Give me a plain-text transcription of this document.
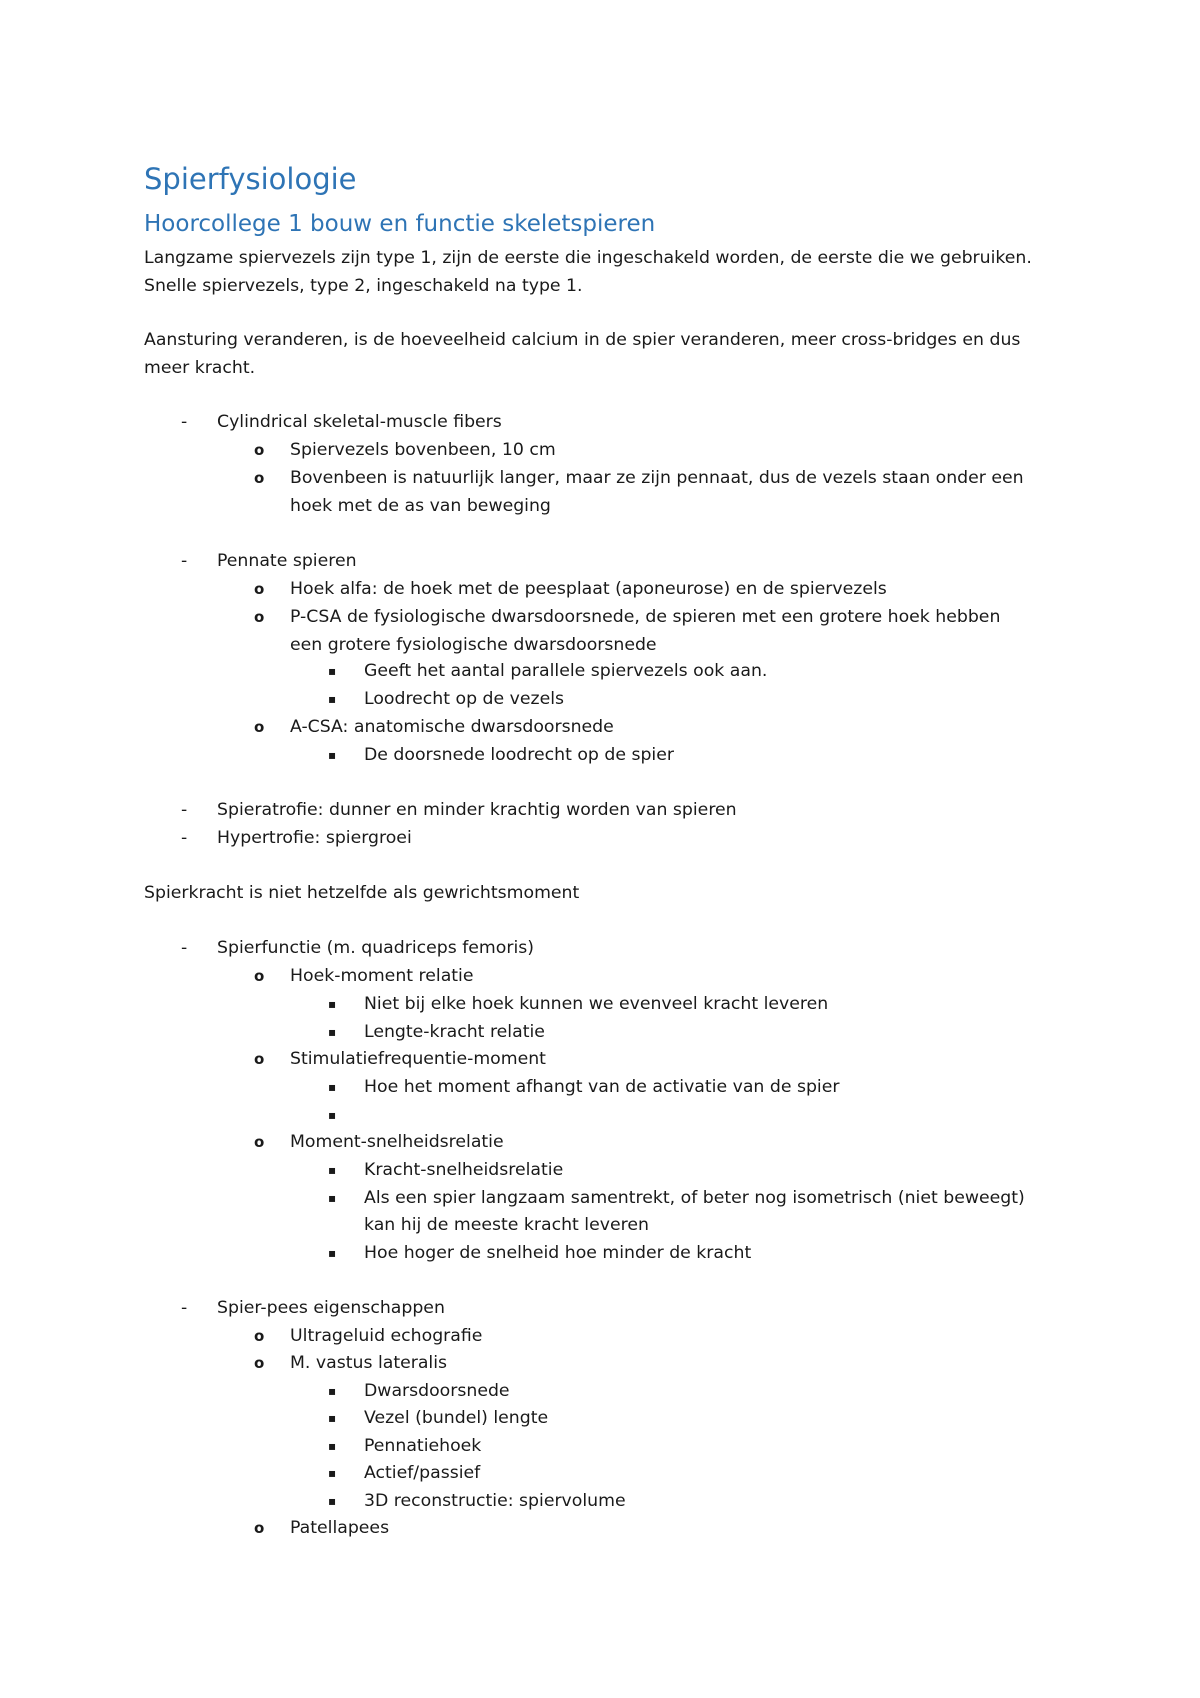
Spierfysiologie
Hoorcollege 1 bouw en functie skeletspieren
Langzame spiervezels zijn type 1, zijn de eerste die ingeschakeld worden, de eerste die we gebruiken.
Snelle spiervezels, type 2, ingeschakeld na type 1.
Aansturing veranderen, is de hoeveelheid calcium in de spier veranderen, meer cross-bridges en dus
meer kracht.
- Cylindrical skeletal-muscle fibers
o Spiervezels bovenbeen, 10 cm
o Bovenbeen is natuurlijk langer, maar ze zijn pennaat, dus de vezels staan onder een
hoek met de as van beweging
- Pennate spieren
o Hoek alfa: de hoek met de peesplaat (aponeurose) en de spiervezels
o P-CSA de fysiologische dwarsdoorsnede, de spieren met een grotere hoek hebben
een grotere fysiologische dwarsdoorsnede
▪ Geeft het aantal parallele spiervezels ook aan.
▪ Loodrecht op de vezels
o A-CSA: anatomische dwarsdoorsnede
▪ De doorsnede loodrecht op de spier
- Spieratrofie: dunner en minder krachtig worden van spieren
- Hypertrofie: spiergroei
Spierkracht is niet hetzelfde als gewrichtsmoment
- Spierfunctie (m. quadriceps femoris)
o Hoek-moment relatie
▪ Niet bij elke hoek kunnen we evenveel kracht leveren
▪ Lengte-kracht relatie
o Stimulatiefrequentie-moment
▪ Hoe het moment afhangt van de activatie van de spier
▪
o Moment-snelheidsrelatie
▪ Kracht-snelheidsrelatie
▪ Als een spier langzaam samentrekt, of beter nog isometrisch (niet beweegt)
kan hij de meeste kracht leveren
▪ Hoe hoger de snelheid hoe minder de kracht
- Spier-pees eigenschappen
o Ultrageluid echografie
o M. vastus lateralis
▪ Dwarsdoorsnede
▪ Vezel (bundel) lengte
▪ Pennatiehoek
▪ Actief/passief
▪ 3D reconstructie: spiervolume
o Patellapees
